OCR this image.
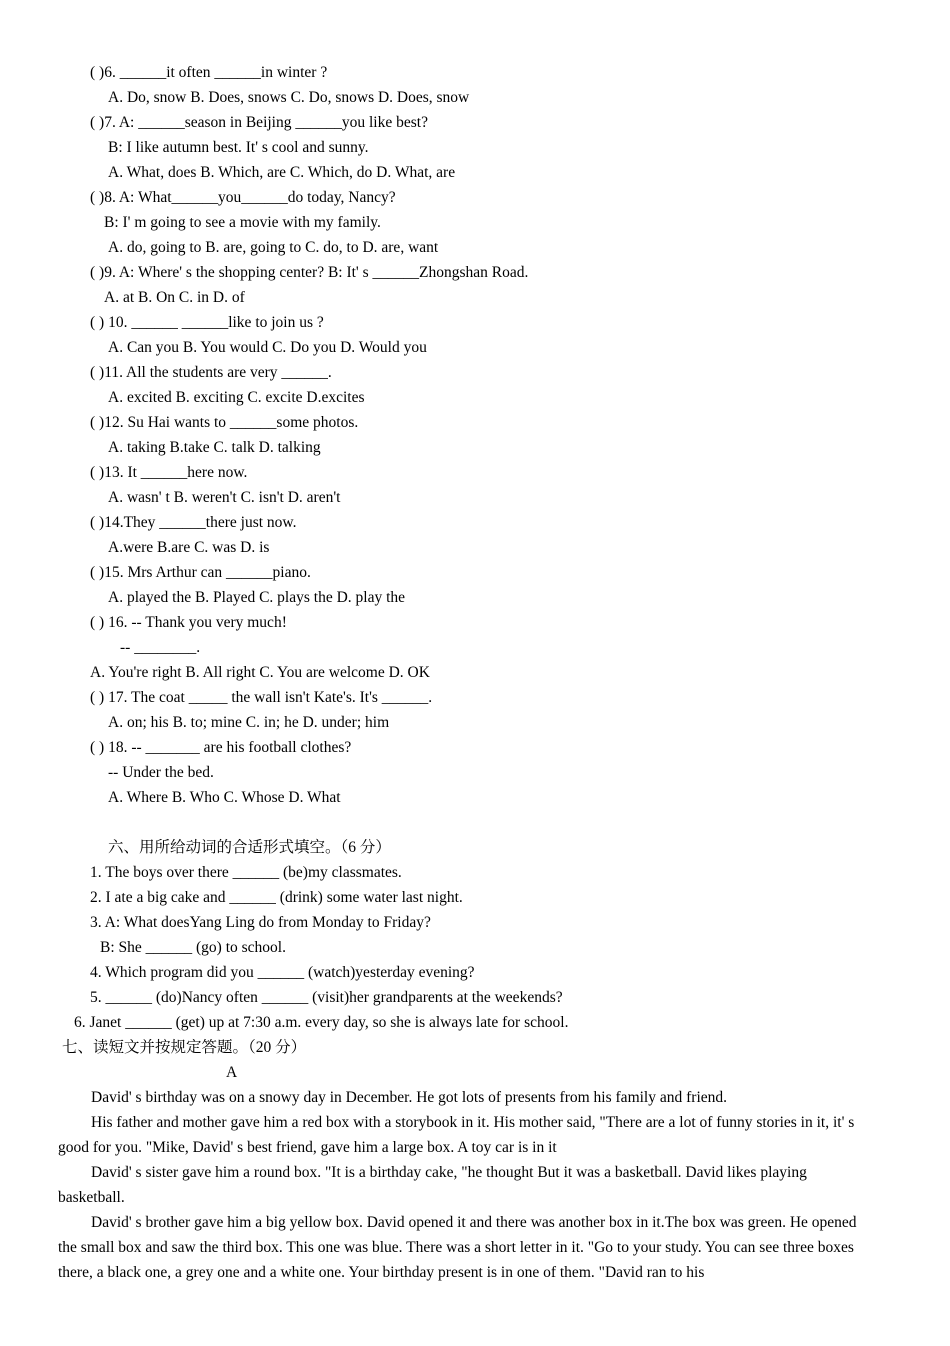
( )6. ______it often ______in winter ?
A. Do, snow B. Does, snows C. Do, snows D. Does, snow
( )7. A: ______season in Beijing ______you like best?
B: I like autumn best. It' s cool and sunny.
A. What, does B. Which, are C. Which, do D. What, are
( )8. A: What______you______do today, Nancy?
B: I' m going to see a movie with my family.
A. do, going to B. are, going to C. do, to D. are, want
( )9. A: Where' s the shopping center? B: It' s ______Zhongshan Road.
A. at B. On C. in D. of
( ) 10. ______ ______like to join us ?
A. Can you B. You would C. Do you D. Would you
( )11. All the students are very ______.
A. excited B. exciting C. excite D.excites
( )12. Su Hai wants to ______some photos.
A. taking B.take C. talk D. talking
( )13. It ______here now.
A. wasn' t B. weren't C. isn't D. aren't
( )14.They ______there just now.
A.were B.are C. was D. is
( )15. Mrs Arthur can ______piano.
A. played the B. Played C. plays the D. play the
( ) 16. -- Thank you very much!
-- ________.
A. You're right B. All right C. You are welcome D. OK
( ) 17. The coat _____ the wall isn't Kate's. It's ______.
A. on; his B. to; mine C. in; he D. under; him
( ) 18. -- _______ are his football clothes?
-- Under the bed.
A. Where B. Who C. Whose D. What
六、用所给动词的合适形式填空。（6 分）
1. The boys over there ______ (be)my classmates.
2. I ate a big cake and ______ (drink) some water last night.
3. A: What doesYang Ling do from Monday to Friday?
B: She ______ (go) to school.
4. Which program did you ______ (watch)yesterday evening?
5. ______ (do)Nancy often ______ (visit)her grandparents at the weekends?
6. Janet ______ (get) up at 7:30 a.m. every day, so she is always late for school.
七、读短文并按规定答题。（20 分）
A
David' s birthday was on a snowy day in December. He got lots of presents from his family and friend.
His father and mother gave him a red box with a storybook in it. His mother said, "There are a lot of funny stories in it, it' s good for you. "Mike, David' s best friend, gave him a large box. A toy car is in it
David' s sister gave him a round box. "It is a birthday cake, "he thought But it was a basketball. David likes playing basketball.
David' s brother gave him a big yellow box. David opened it and there was another box in it.The box was green. He opened the small box and saw the third box. This one was blue. There was a short letter in it. "Go to your study. You can see three boxes there, a black one, a grey one and a white one. Your birthday present is in one of them. "David ran to his
